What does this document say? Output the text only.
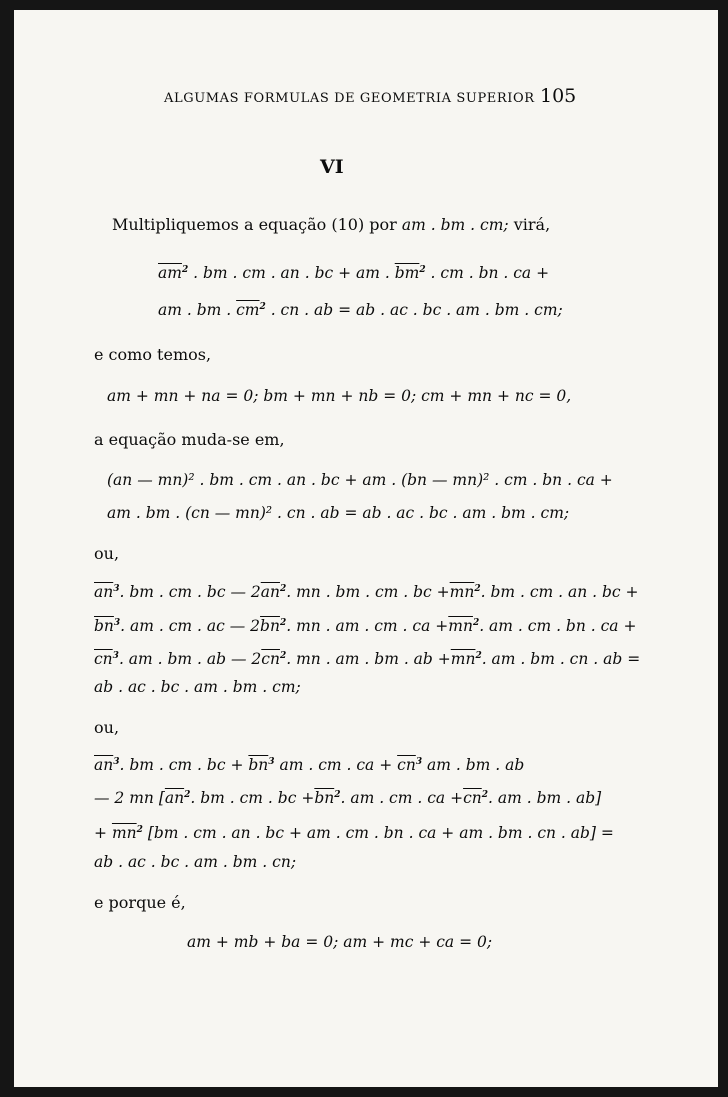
ALGUMAS FORMULAS DE GEOMETRIA SUPERIOR 105
VI
Multipliquemos a equação (10) por am . bm . cm; virá,
$\overline{am}^2$ . bm . cm . an . bc + am . $\overline{bm}^2$ . cm . bn . ca +
am . bm . $\overline{cm}^2$ . cn . ab = ab . ac . bc . am . bm . cm;
e como temos,
am + mn + na = 0; bm + mn + nb = 0; cm + mn + nc = 0,
a equação muda-se em,
(an — mn)² . bm . cm . an . bc + am . (bn — mn)² . cm . bn . ca +
am . bm . (cn — mn)² . cn . ab = ab . ac . bc . am . bm . cm;
ou,
$\overline{an}^3$. bm . cm . bc — $2\overline{an}^2$. mn . bm . cm . bc $+\overline{mn}^2$. bm . cm . an . bc +
$\overline{bn}^3$. am . cm . ac — $2\overline{bn}^2$. mn . am . cm . ca $+\overline{mn}^2$. am . cm . bn . ca +
$\overline{cn}^3$. am . bm . ab — $2\overline{cn}^2$. mn . am . bm . ab $+\overline{mn}^2$. am . bm . cn . ab =
ab . ac . bc . am . bm . cm;
ou,
$\overline{an}^3$. bm . cm . bc + $\overline{bn}^3$ am . cm . ca + $\overline{cn}^3$ am . bm . ab
— 2 mn [$\overline{an}^2$. bm . cm . bc $+\overline{bn}^2$. am . cm . ca $+\overline{cn}^2$. am . bm . ab]
+ $\overline{mn}^2$ [bm . cm . an . bc + am . cm . bn . ca + am . bm . cn . ab] =
ab . ac . bc . am . bm . cn;
e porque é,
am + mb + ba = 0; am + mc + ca = 0;
